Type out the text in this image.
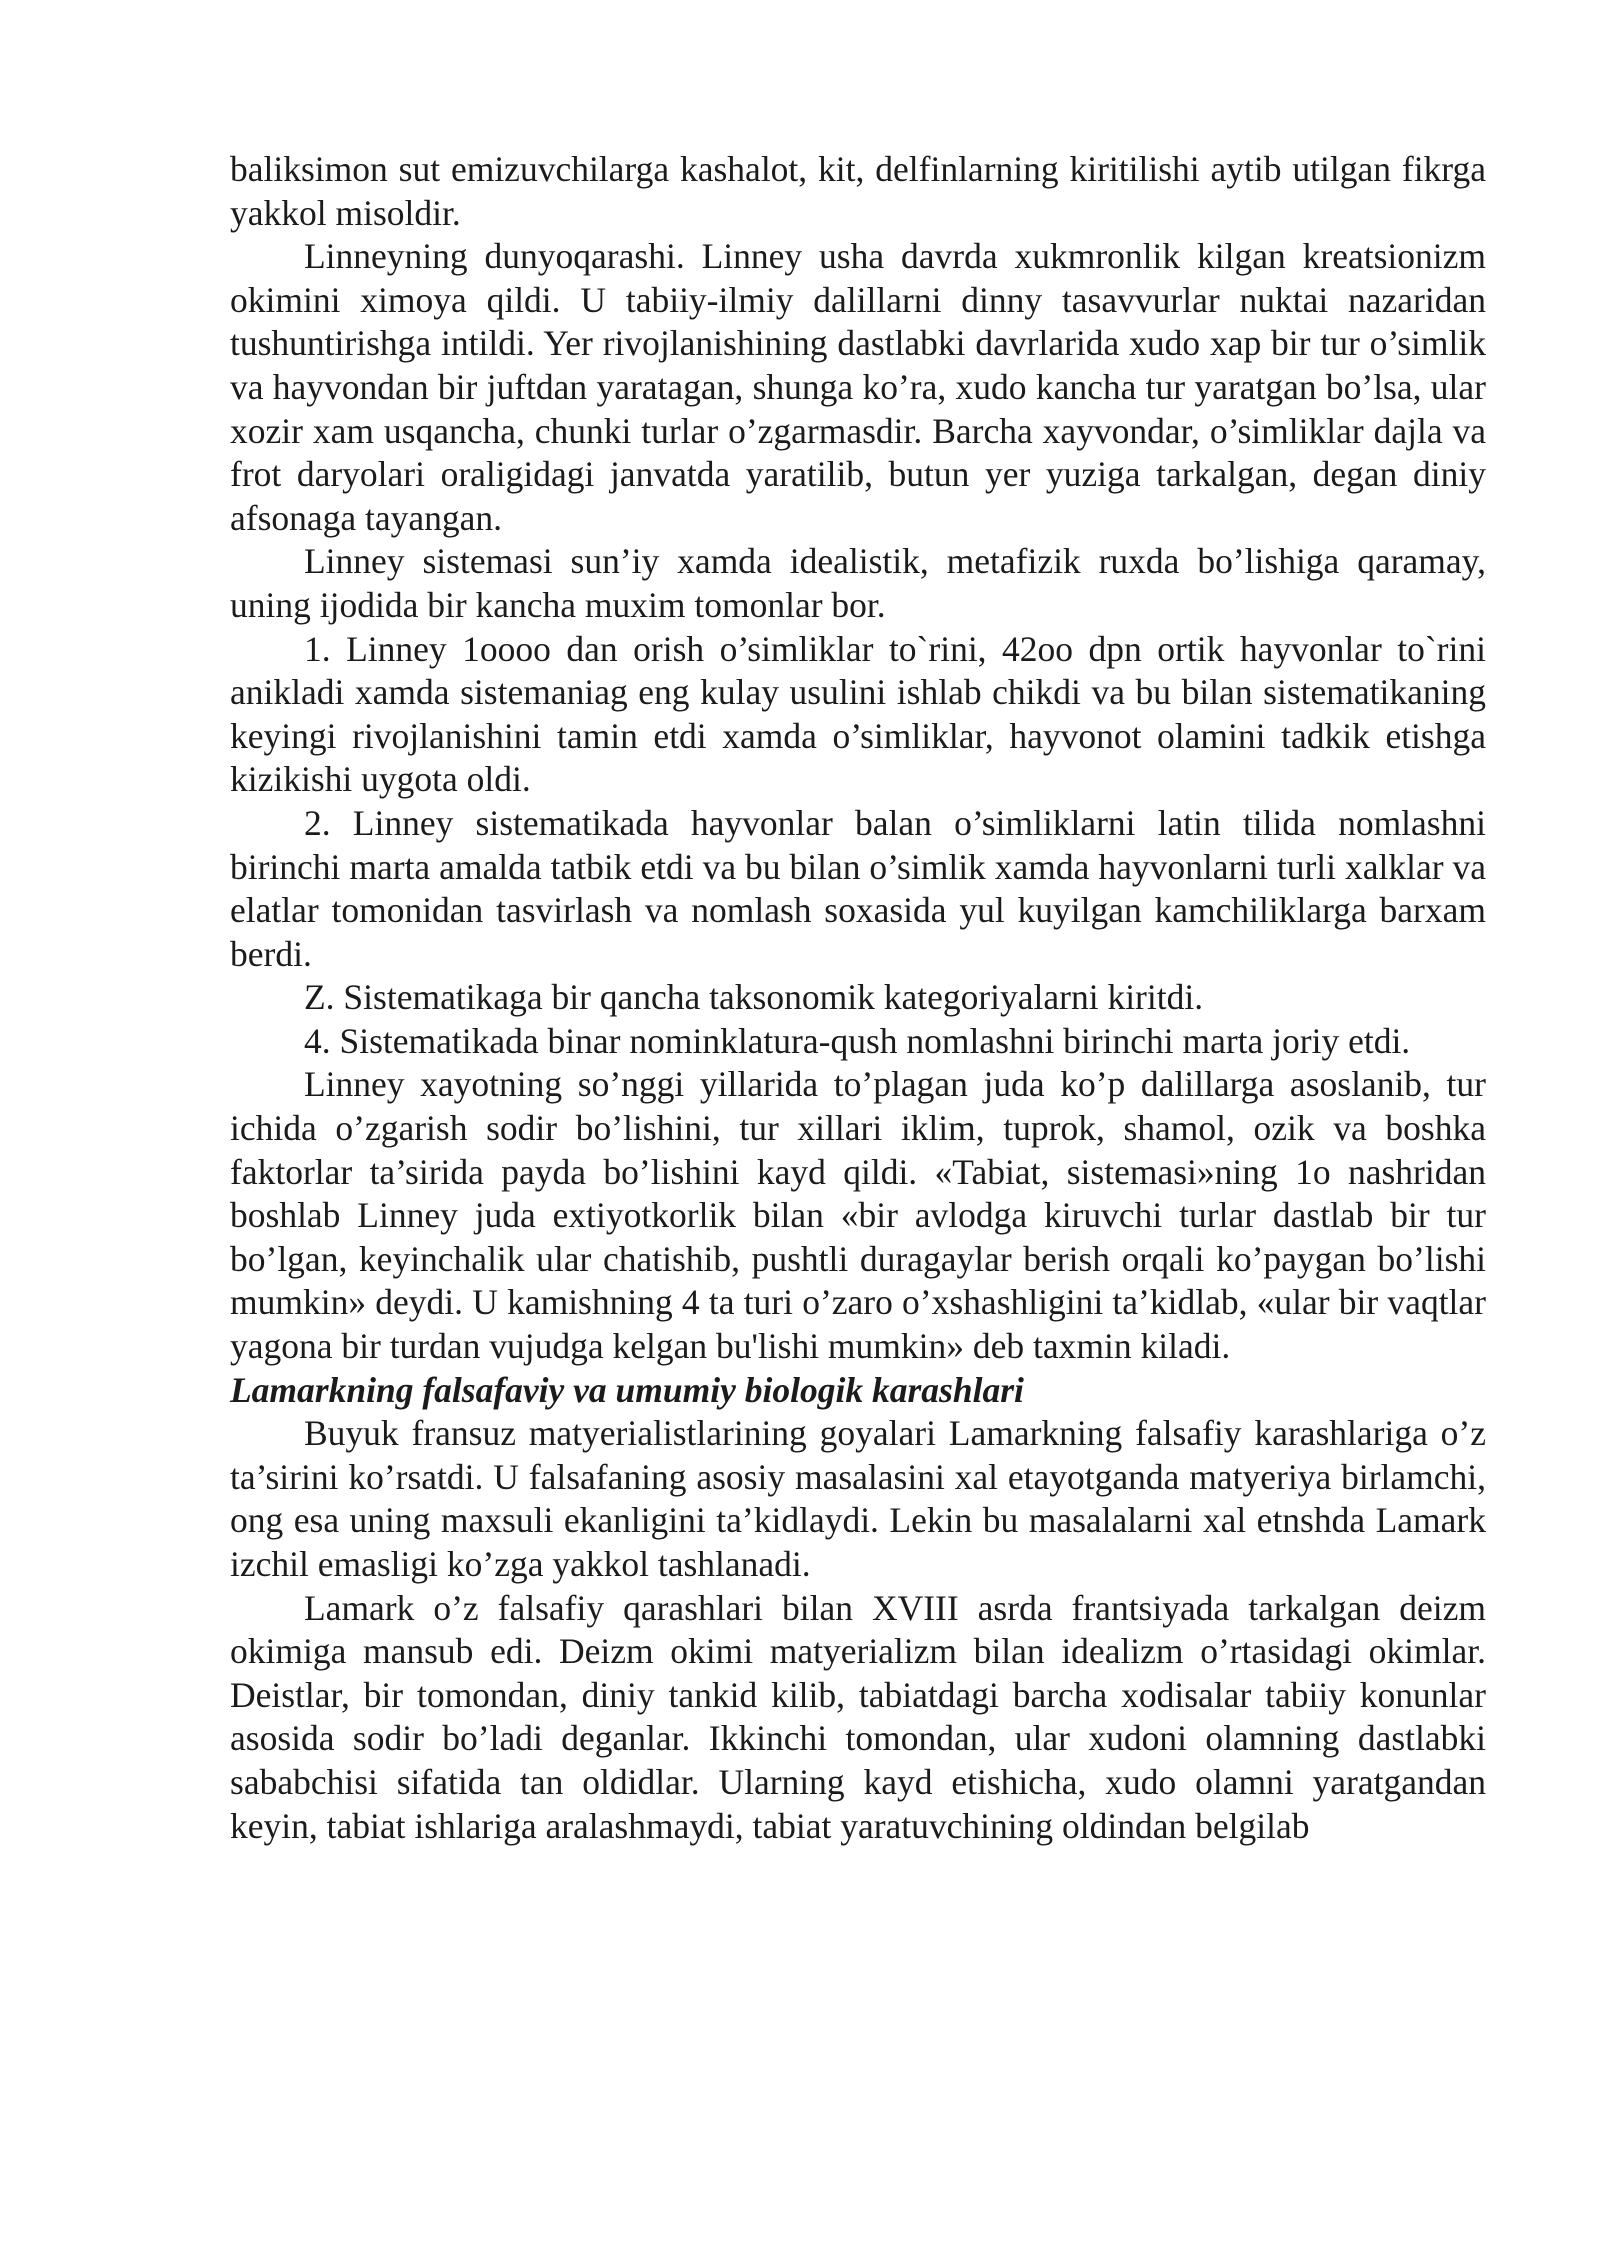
baliksimon sut emizuvchilarga kashalot, kit, delfinlarning kiritilishi aytib utilgan fikrga yakkol misoldir.

Linneyning dunyoqarashi. Linney usha davrda xukmronlik kilgan kreatsionizm okimini ximoya qildi. U tabiiy-ilmiy dalillarni dinny tasavvurlar nuktai nazaridan tushuntirishga intildi. Yer rivojlanishining dastlabki davrlarida xudo xap bir tur o’simlik va hayvondan bir juftdan yaratagan, shunga ko’ra, xudo kancha tur yaratgan bo’lsa, ular xozir xam usqancha, chunki turlar o’zgarmasdir. Barcha xayvondar, o’simliklar dajla va frot daryolari oraligidagi janvatda yaratilib, butun yer yuziga tarkalgan, degan diniy afsonaga tayangan.

Linney sistemasi sun’iy xamda idealistik, metafizik ruxda bo’lishiga qaramay, uning ijodida bir kancha muxim tomonlar bor.

1. Linney 1oooo dan orish o’simliklar to`rini, 42oo dpn ortik hayvonlar to`rini anikladi xamda sistemaniag eng kulay usulini ishlab chikdi va bu bilan sistematikaning keyingi rivojlanishini tamin etdi xamda o’simliklar, hayvonot olamini tadkik etishga kizikishi uygota oldi.

2. Linney sistematikada hayvonlar balan o’simliklarni latin tilida nomlashni birinchi marta amalda tatbik etdi va bu bilan o’simlik xamda hayvonlarni turli xalklar va elatlar tomonidan tasvirlash va nomlash soxasida yul kuyilgan kamchiliklarga barxam berdi.

Z. Sistematikaga bir qancha taksonomik kategoriyalarni kiritdi.

4. Sistematikada binar nominklatura-qush nomlashni birinchi marta joriy etdi.

Linney xayotning so’nggi yillarida to’plagan juda ko’p dalillarga asoslanib, tur ichida o’zgarish sodir bo’lishini, tur xillari iklim, tuprok, shamol, ozik va boshka faktorlar ta’sirida payda bo’lishini kayd qildi. «Tabiat, sistemasi»ning 1o nashridan boshlab Linney juda extiyotkorlik bilan «bir avlodga kiruvchi turlar dastlab bir tur bo’lgan, keyinchalik ular chatishib, pushtli duragaylar berish orqali ko’paygan bo’lishi mumkin» deydi. U kamishning 4 ta turi o’zaro o’xshashligini ta’kidlab, «ular bir vaqtlar yagona bir turdan vujudga kelgan bu'lishi mumkin» deb taxmin kiladi.

Lamarkning falsafaviy va umumiy biologik karashlari

Buyuk fransuz matyerialistlarining goyalari Lamarkning falsafiy karashlariga o’z ta’sirini ko’rsatdi. U falsafaning asosiy masalasini xal etayotganda matyeriya birlamchi, ong esa uning maxsuli ekanligini ta’kidlaydi. Lekin bu masalalarni xal etnshda Lamark izchil emasligi ko’zga yakkol tashlanadi.

Lamark o’z falsafiy qarashlari bilan XVIII asrda frantsiyada tarkalgan deizm okimiga mansub edi. Deizm okimi matyerializm bilan idealizm o’rtasidagi okimlar. Deistlar, bir tomondan, diniy tankid kilib, tabiatdagi barcha xodisalar tabiiy konunlar asosida sodir bo’ladi deganlar. Ikkinchi tomondan, ular xudoni olamning dastlabki sababchisi sifatida tan oldidlar. Ularning kayd etishicha, xudo olamni yaratgandan keyin, tabiat ishlariga aralashmaydi, tabiat yaratuvchining oldindan belgilab
